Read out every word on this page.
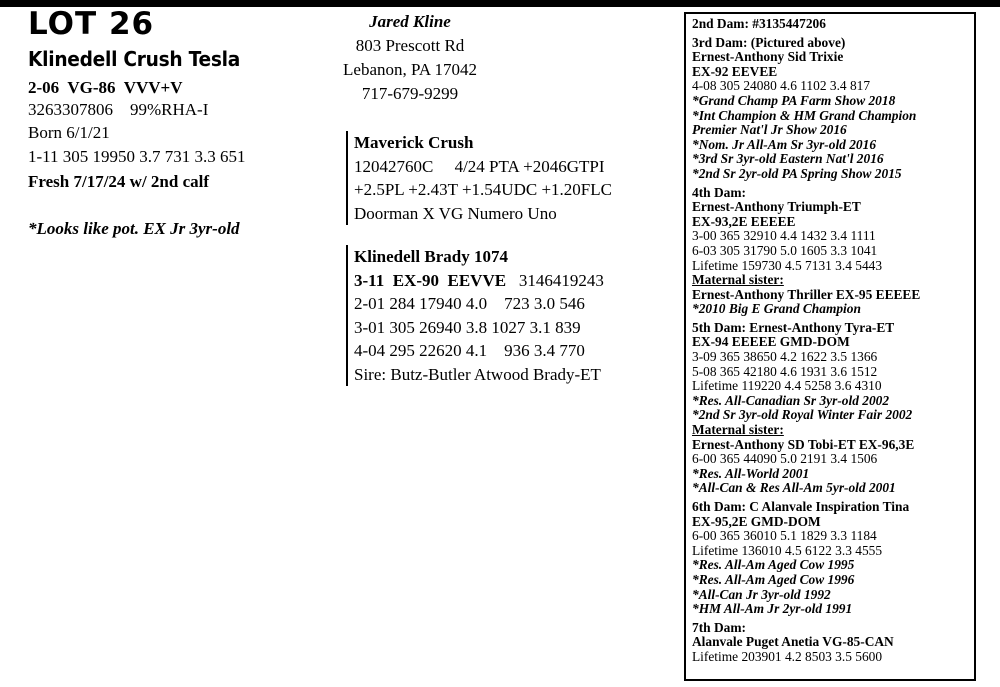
LOT 26
Klinedell Crush Tesla
2-06  VG-86  VVV+V
3263307806    99%RHA-I
Born 6/1/21
1-11 305 19950 3.7 731 3.3 651
Fresh 7/17/24 w/ 2nd calf
*Looks like pot. EX Jr 3yr-old
Jared Kline
803 Prescott Rd
Lebanon, PA 17042
717-679-9299
Maverick Crush
12042760C     4/24 PTA +2046GTPI
+2.5PL +2.43T +1.54UDC +1.20FLC
Doorman X VG Numero Uno
Klinedell Brady 1074
3-11  EX-90  EEVVE 3146419243
2-01 284 17940 4.0    723 3.0 546
3-01 305 26940 3.8 1027 3.1 839
4-04 295 22620 4.1    936 3.4 770
Sire: Butz-Butler Atwood Brady-ET
2nd Dam: #3135447206
3rd Dam: (Pictured above)
Ernest-Anthony Sid Trixie
EX-92 EEVEE
4-08 305 24080 4.6 1102 3.4 817
*Grand Champ PA Farm Show 2018
*Int Champion & HM Grand Champion
Premier Nat'l Jr Show 2016
*Nom. Jr All-Am Sr 3yr-old 2016
*3rd Sr 3yr-old Eastern Nat'l 2016
*2nd Sr 2yr-old PA Spring Show 2015
4th Dam:
Ernest-Anthony Triumph-ET
EX-93,2E EEEEE
3-00 365 32910 4.4 1432 3.4 1111
6-03 305 31790 5.0 1605 3.3 1041
Lifetime 159730 4.5 7131 3.4 5443
Maternal sister:
Ernest-Anthony Thriller EX-95 EEEEE
*2010 Big E Grand Champion
5th Dam: Ernest-Anthony Tyra-ET
EX-94 EEEEE GMD-DOM
3-09 365 38650 4.2 1622 3.5 1366
5-08 365 42180 4.6 1931 3.6 1512
Lifetime 119220 4.4 5258 3.6 4310
*Res. All-Canadian Sr 3yr-old 2002
*2nd Sr 3yr-old Royal Winter Fair 2002
Maternal sister:
Ernest-Anthony SD Tobi-ET EX-96,3E
6-00 365 44090 5.0 2191 3.4 1506
*Res. All-World 2001
*All-Can & Res All-Am 5yr-old 2001
6th Dam: C Alanvale Inspiration Tina
EX-95,2E GMD-DOM
6-00 365 36010 5.1 1829 3.3 1184
Lifetime 136010 4.5 6122 3.3 4555
*Res. All-Am Aged Cow 1995
*Res. All-Am Aged Cow 1996
*All-Can Jr 3yr-old 1992
*HM All-Am Jr 2yr-old 1991
7th Dam:
Alanvale Puget Anetia VG-85-CAN
Lifetime 203901 4.2 8503 3.5 5600
